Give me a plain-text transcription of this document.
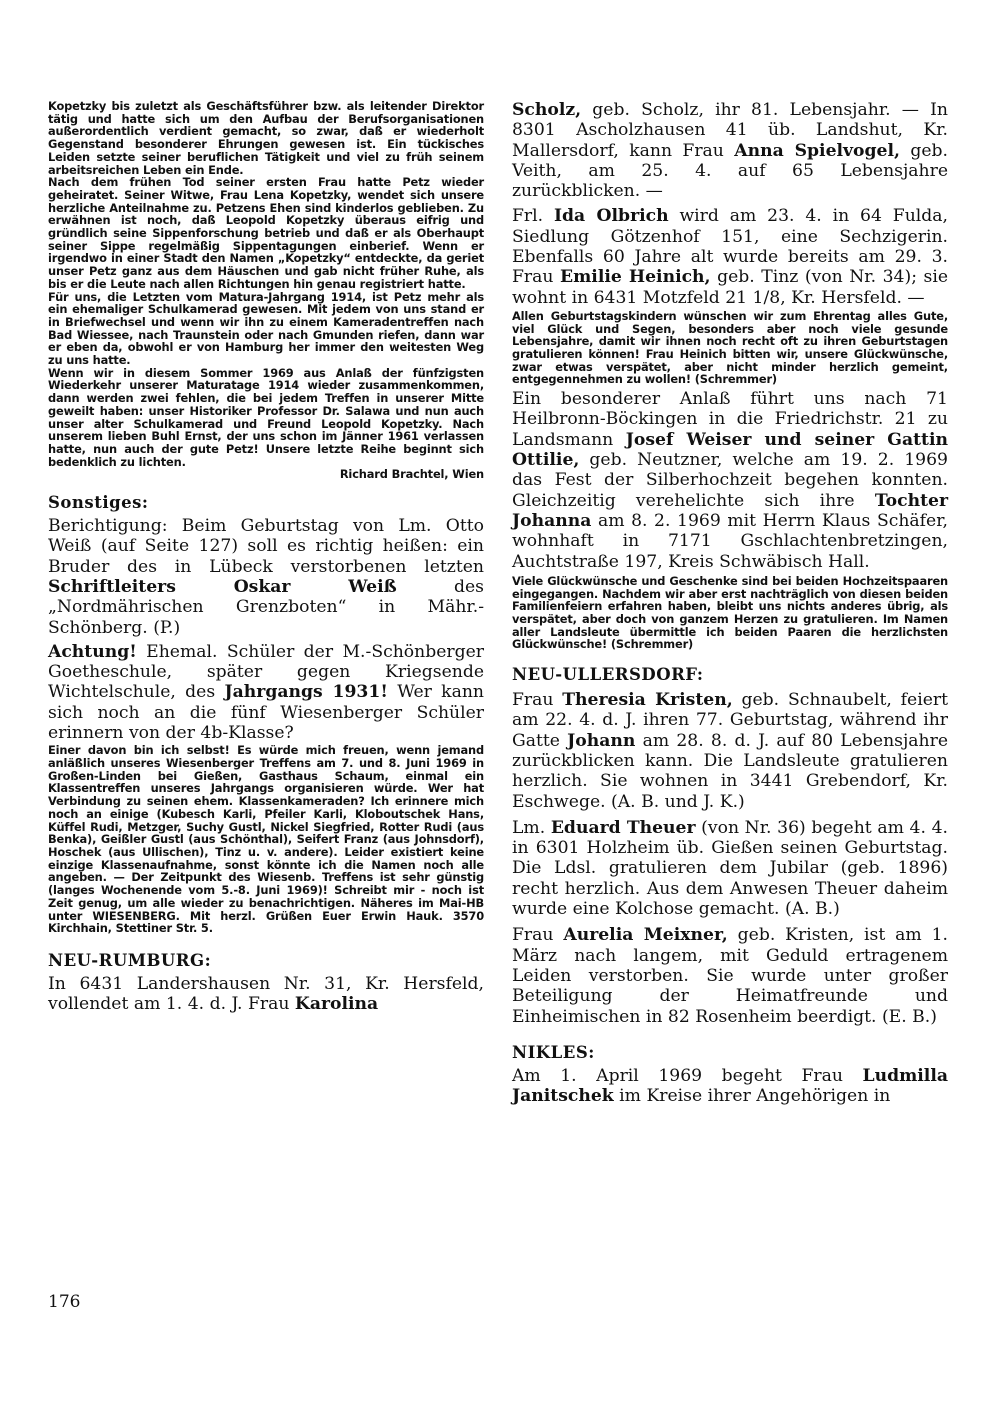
Kopetzky bis zuletzt als Geschäftsführer bzw. als leitender Direktor tätig und hatte sich um den Aufbau der Berufsorganisationen außerordentlich verdient gemacht, so zwar, daß er wiederholt Gegenstand besonderer Ehrungen gewesen ist. Ein tückisches Leiden setzte seiner beruflichen Tätigkeit und viel zu früh seinem arbeitsreichen Leben ein Ende.

Nach dem frühen Tod seiner ersten Frau hatte Petz wieder geheiratet. Seiner Witwe, Frau Lena Kopetzky, wendet sich unsere herzliche Anteilnahme zu. Petzens Ehen sind kinderlos geblieben. Zu erwähnen ist noch, daß Leopold Kopetzky überaus eifrig und gründlich seine Sippenforschung betrieb und daß er als Oberhaupt seiner Sippe regelmäßig Sippentagungen einberief. Wenn er irgendwo in einer Stadt den Namen „Kopetzky“ entdeckte, da geriet unser Petz ganz aus dem Häuschen und gab nicht früher Ruhe, als bis er die Leute nach allen Richtungen hin genau registriert hatte.

Für uns, die Letzten vom Matura-Jahrgang 1914, ist Petz mehr als ein ehemaliger Schulkamerad gewesen. Mit jedem von uns stand er in Briefwechsel und wenn wir ihn zu einem Kameradentreffen nach Bad Wiessee, nach Traunstein oder nach Gmunden riefen, dann war er eben da, obwohl er von Hamburg her immer den weitesten Weg zu uns hatte.

Wenn wir in diesem Sommer 1969 aus Anlaß der fünfzigsten Wiederkehr unserer Maturatage 1914 wieder zusammenkommen, dann werden zwei fehlen, die bei jedem Treffen in unserer Mitte geweilt haben: unser Historiker Professor Dr. Salawa und nun auch unser alter Schulkamerad und Freund Leopold Kopetzky. Nach unserem lieben Buhl Ernst, der uns schon im Jänner 1961 verlassen hatte, nun auch der gute Petz! Unsere letzte Reihe beginnt sich bedenklich zu lichten.
Richard Brachtel, Wien

Sonstiges:

Berichtigung: Beim Geburtstag von Lm. Otto Weiß (auf Seite 127) soll es richtig heißen: ein Bruder des in Lübeck verstorbenen letzten Schriftleiters Oskar Weiß des „Nordmährischen Grenzboten“ in Mähr.-Schönberg. (P.)

Achtung! Ehemal. Schüler der M.-Schönberger Goetheschule, später gegen Kriegsende Wichtelschule, des Jahrgangs 1931! Wer kann sich noch an die fünf Wiesenberger Schüler erinnern von der 4b-Klasse?

Einer davon bin ich selbst! Es würde mich freuen, wenn jemand anläßlich unseres Wiesenberger Treffens am 7. und 8. Juni 1969 in Großen-Linden bei Gießen, Gasthaus Schaum, einmal ein Klassentreffen unseres Jahrgangs organisieren würde. Wer hat Verbindung zu seinen ehem. Klassenkameraden? Ich erinnere mich noch an einige (Kubesch Karli, Pfeiler Karli, Kloboutschek Hans, Küffel Rudi, Metzger, Suchy Gustl, Nickel Siegfried, Rotter Rudi (aus Benka), Geißler Gustl (aus Schönthal), Seifert Franz (aus Johnsdorf), Hoschek (aus Ullischen), Tinz u. v. andere). Leider existiert keine einzige Klassenaufnahme, sonst könnte ich die Namen noch alle angeben. — Der Zeitpunkt des Wiesenb. Treffens ist sehr günstig (langes Wochenende vom 5.-8. Juni 1969)! Schreibt mir - noch ist Zeit genug, um alle wieder zu benachrichtigen. Näheres im Mai-HB unter WIESENBERG. Mit herzl. Grüßen Euer Erwin Hauk. 3570 Kirchhain, Stettiner Str. 5.

NEU-RUMBURG:

In 6431 Landershausen Nr. 31, Kr. Hersfeld, vollendet am 1. 4. d. J. Frau Karolina

Scholz, geb. Scholz, ihr 81. Lebensjahr. — In 8301 Ascholzhausen 41 üb. Landshut, Kr. Mallersdorf, kann Frau Anna Spielvogel, geb. Veith, am 25. 4. auf 65 Lebensjahre zurückblicken. —

Frl. Ida Olbrich wird am 23. 4. in 64 Fulda, Siedlung Götzenhof 151, eine Sechzigerin. Ebenfalls 60 Jahre alt wurde bereits am 29. 3. Frau Emilie Heinich, geb. Tinz (von Nr. 34); sie wohnt in 6431 Motzfeld 21 1/8, Kr. Hersfeld. —

Allen Geburtstagskindern wünschen wir zum Ehrentag alles Gute, viel Glück und Segen, besonders aber noch viele gesunde Lebensjahre, damit wir ihnen noch recht oft zu ihren Geburtstagen gratulieren können! Frau Heinich bitten wir, unsere Glückwünsche, zwar etwas verspätet, aber nicht minder herzlich gemeint, entgegennehmen zu wollen! (Schremmer)

Ein besonderer Anlaß führt uns nach 71 Heilbronn-Böckingen in die Friedrichstr. 21 zu Landsmann Josef Weiser und seiner Gattin Ottilie, geb. Neutzner, welche am 19. 2. 1969 das Fest der Silberhochzeit begehen konnten. Gleichzeitig verehelichte sich ihre Tochter Johanna am 8. 2. 1969 mit Herrn Klaus Schäfer, wohnhaft in 7171 Gschlachtenbretzingen, Auchtstraße 197, Kreis Schwäbisch Hall.

Viele Glückwünsche und Geschenke sind bei beiden Hochzeitspaaren eingegangen. Nachdem wir aber erst nachträglich von diesen beiden Familienfeiern erfahren haben, bleibt uns nichts anderes übrig, als verspätet, aber doch von ganzem Herzen zu gratulieren. Im Namen aller Landsleute übermittle ich beiden Paaren die herzlichsten Glückwünsche! (Schremmer)

NEU-ULLERSDORF:

Frau Theresia Kristen, geb. Schnaubelt, feiert am 22. 4. d. J. ihren 77. Geburtstag, während ihr Gatte Johann am 28. 8. d. J. auf 80 Lebensjahre zurückblicken kann. Die Landsleute gratulieren herzlich. Sie wohnen in 3441 Grebendorf, Kr. Eschwege. (A. B. und J. K.)

Lm. Eduard Theuer (von Nr. 36) begeht am 4. 4. in 6301 Holzheim üb. Gießen seinen Geburtstag. Die Ldsl. gratulieren dem Jubilar (geb. 1896) recht herzlich. Aus dem Anwesen Theuer daheim wurde eine Kolchose gemacht. (A. B.)

Frau Aurelia Meixner, geb. Kristen, ist am 1. März nach langem, mit Geduld ertragenem Leiden verstorben. Sie wurde unter großer Beteiligung der Heimatfreunde und Einheimischen in 82 Rosenheim beerdigt. (E. B.)

NIKLES:

Am 1. April 1969 begeht Frau Ludmilla Janitschek im Kreise ihrer Angehörigen in

176
